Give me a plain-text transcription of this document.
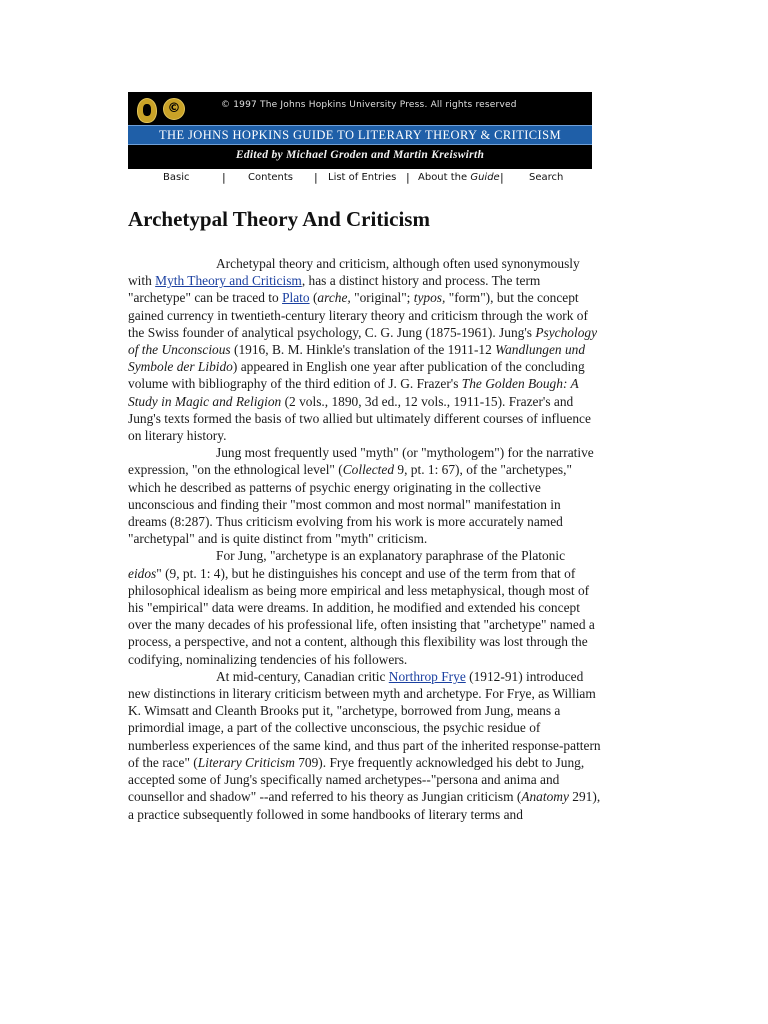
©	© 1997 The Johns Hopkins University Press. All rights reserved
THE JOHNS HOPKINS GUIDE TO LITERARY THEORY & CRITICISM
Edited by Michael Groden and Martin Kreiswirth
Basic	| Contents | List of Entries | About the Guide |	Search
Archetypal Theory And Criticism

Archetypal theory and criticism, although often used synonymously with Myth Theory and Criticism, has a distinct history and process. The term "archetype" can be traced to Plato (arche, "original"; typos, "form"), but the concept gained currency in twentieth-century literary theory and criticism through the work of the Swiss founder of analytical psychology, C. G. Jung (1875-1961). Jung's Psychology of the Unconscious (1916, B. M. Hinkle's translation of the 1911-12 Wandlungen und Symbole der Libido) appeared in English one year after publication of the concluding volume with bibliography of the third edition of J. G. Frazer's The Golden Bough: A Study in Magic and Religion (2 vols., 1890, 3d ed., 12 vols., 1911-15). Frazer's and Jung's texts formed the basis of two allied but ultimately different courses of influence on literary history.

Jung most frequently used "myth" (or "mythologem") for the narrative expression, "on the ethnological level" (Collected 9, pt. 1: 67), of the "archetypes," which he described as patterns of psychic energy originating in the collective unconscious and finding their "most common and most normal" manifestation in dreams (8:287). Thus criticism evolving from his work is more accurately named "archetypal" and is quite distinct from "myth" criticism.

For Jung, "archetype is an explanatory paraphrase of the Platonic eidos" (9, pt. 1: 4), but he distinguishes his concept and use of the term from that of philosophical idealism as being more empirical and less metaphysical, though most of his "empirical" data were dreams. In addition, he modified and extended his concept over the many decades of his professional life, often insisting that "archetype" named a process, a perspective, and not a content, although this flexibility was lost through the codifying, nominalizing tendencies of his followers.

At mid-century, Canadian critic Northrop Frye (1912-91) introduced new distinctions in literary criticism between myth and archetype. For Frye, as William K. Wimsatt and Cleanth Brooks put it, "archetype, borrowed from Jung, means a primordial image, a part of the collective unconscious, the psychic residue of numberless experiences of the same kind, and thus part of the inherited response-pattern of the race" (Literary Criticism 709). Frye frequently acknowledged his debt to Jung, accepted some of Jung's specifically named archetypes--"persona and anima and counsellor and shadow" --and referred to his theory as Jungian criticism (Anatomy 291), a practice subsequently followed in some handbooks of literary terms and
